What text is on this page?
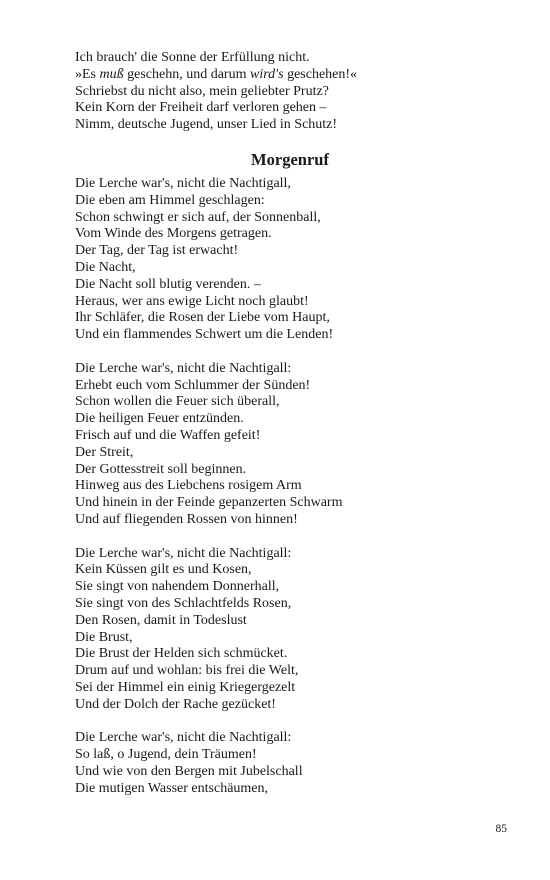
Ich brauch' die Sonne der Erfüllung nicht.
»Es muß geschehn, und darum wird's geschehen!«
Schriebst du nicht also, mein geliebter Prutz?
Kein Korn der Freiheit darf verloren gehen –
Nimm, deutsche Jugend, unser Lied in Schutz!
Morgenruf
Die Lerche war's, nicht die Nachtigall,
Die eben am Himmel geschlagen:
Schon schwingt er sich auf, der Sonnenball,
Vom Winde des Morgens getragen.
Der Tag, der Tag ist erwacht!
Die Nacht,
Die Nacht soll blutig verenden. –
Heraus, wer ans ewige Licht noch glaubt!
Ihr Schläfer, die Rosen der Liebe vom Haupt,
Und ein flammendes Schwert um die Lenden!
Die Lerche war's, nicht die Nachtigall:
Erhebt euch vom Schlummer der Sünden!
Schon wollen die Feuer sich überall,
Die heiligen Feuer entzünden.
Frisch auf und die Waffen gefeit!
Der Streit,
Der Gottesstreit soll beginnen.
Hinweg aus des Liebchens rosigem Arm
Und hinein in der Feinde gepanzerten Schwarm
Und auf fliegenden Rossen von hinnen!
Die Lerche war's, nicht die Nachtigall:
Kein Küssen gilt es und Kosen,
Sie singt von nahendem Donnerhall,
Sie singt von des Schlachtfelds Rosen,
Den Rosen, damit in Todeslust
Die Brust,
Die Brust der Helden sich schmücket.
Drum auf und wohlan: bis frei die Welt,
Sei der Himmel ein einig Kriegergezelt
Und der Dolch der Rache gezücket!
Die Lerche war's, nicht die Nachtigall:
So laß, o Jugend, dein Träumen!
Und wie von den Bergen mit Jubelschall
Die mutigen Wasser entschäumen,
85
